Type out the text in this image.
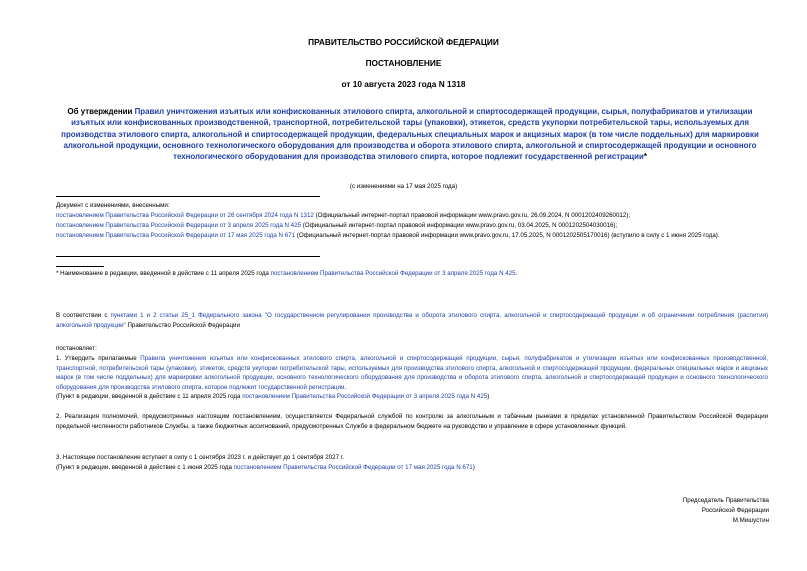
ПРАВИТЕЛЬСТВО РОССИЙСКОЙ ФЕДЕРАЦИИ
ПОСТАНОВЛЕНИЕ
от 10 августа 2023 года N 1318
Об утверждении Правил уничтожения изъятых или конфискованных этилового спирта, алкогольной и спиртосодержащей продукции, сырья, полуфабрикатов и утилизации изъятых или конфискованных производственной, транспортной, потребительской тары (упаковки), этикеток, средств укупорки потребительской тары, используемых для производства этилового спирта, алкогольной и спиртосодержащей продукции, федеральных специальных марок и акцизных марок (в том числе поддельных) для маркировки алкогольной продукции, основного технологического оборудования для производства и оборота этилового спирта, алкогольной и спиртосодержащей продукции и основного технологического оборудования для производства этилового спирта, которое подлежит государственной регистрации*
(с изменениями на 17 мая 2025 года)
Документ с изменениями, внесенными:
постановлением Правительства Российской Федерации от 26 сентября 2024 года N 1312 (Официальный интернет-портал правовой информации www.pravo.gov.ru, 26.09.2024, N 0001202409260012);
постановлением Правительства Российской Федерации от 3 апреля 2025 года N 425 (Официальный интернет-портал правовой информации www.pravo.gov.ru, 03.04.2025, N 0001202504030016);
постановлением Правительства Российской Федерации от 17 мая 2025 года N 671 (Официальный интернет-портал правовой информации www.pravo.gov.ru, 17.05.2025, N 0001202505170016) (вступило в силу с 1 июня 2025 года).
* Наименование в редакции, введенной в действие с 11 апреля 2025 года постановлением Правительства Российской Федерации от 3 апреля 2025 года N 425.
В соответствии с пунктами 1 и 2 статьи 25_1 Федерального закона "О государственном регулировании производства и оборота этилового спирта, алкогольной и спиртосодержащей продукции и об ограничении потребления (распития) алкогольной продукции" Правительство Российской Федерации
постановляет:
1. Утвердить прилагаемые Правила уничтожения изъятых или конфискованных этилового спирта, алкогольной и спиртосодержащей продукции, сырья, полуфабрикатов и утилизации изъятых или конфискованных производственной, транспортной, потребительской тары (упаковки), этикеток, средств укупорки потребительской тары, используемых для производства этилового спирта, алкогольной и спиртосодержащей продукции, федеральных специальных марок и акцизных марок (в том числе поддельных) для маркировки алкогольной продукции, основного технологического оборудования для производства и оборота этилового спирта, алкогольной и спиртосодержащей продукции и основного технологического оборудования для производства этилового спирта, которое подлежит государственной регистрации.
(Пункт в редакции, введенной в действие с 11 апреля 2025 года постановлением Правительства Российской Федерации от 3 апреля 2025 года N 425)
2. Реализация полномочий, предусмотренных настоящим постановлением, осуществляется Федеральной службой по контролю за алкогольным и табачным рынками в пределах установленной Правительством Российской Федерации предельной численности работников Службы, а также бюджетных ассигнований, предусмотренных Службе в федеральном бюджете на руководство и управление в сфере установленных функций.
3. Настоящее постановление вступает в силу с 1 сентября 2023 г. и действует до 1 сентября 2027 г.
(Пункт в редакции, введенной в действие с 1 июня 2025 года постановлением Правительства Российской Федерации от 17 мая 2025 года N 671)
Председатель Правительства
Российской Федерации
М.Мишустин
